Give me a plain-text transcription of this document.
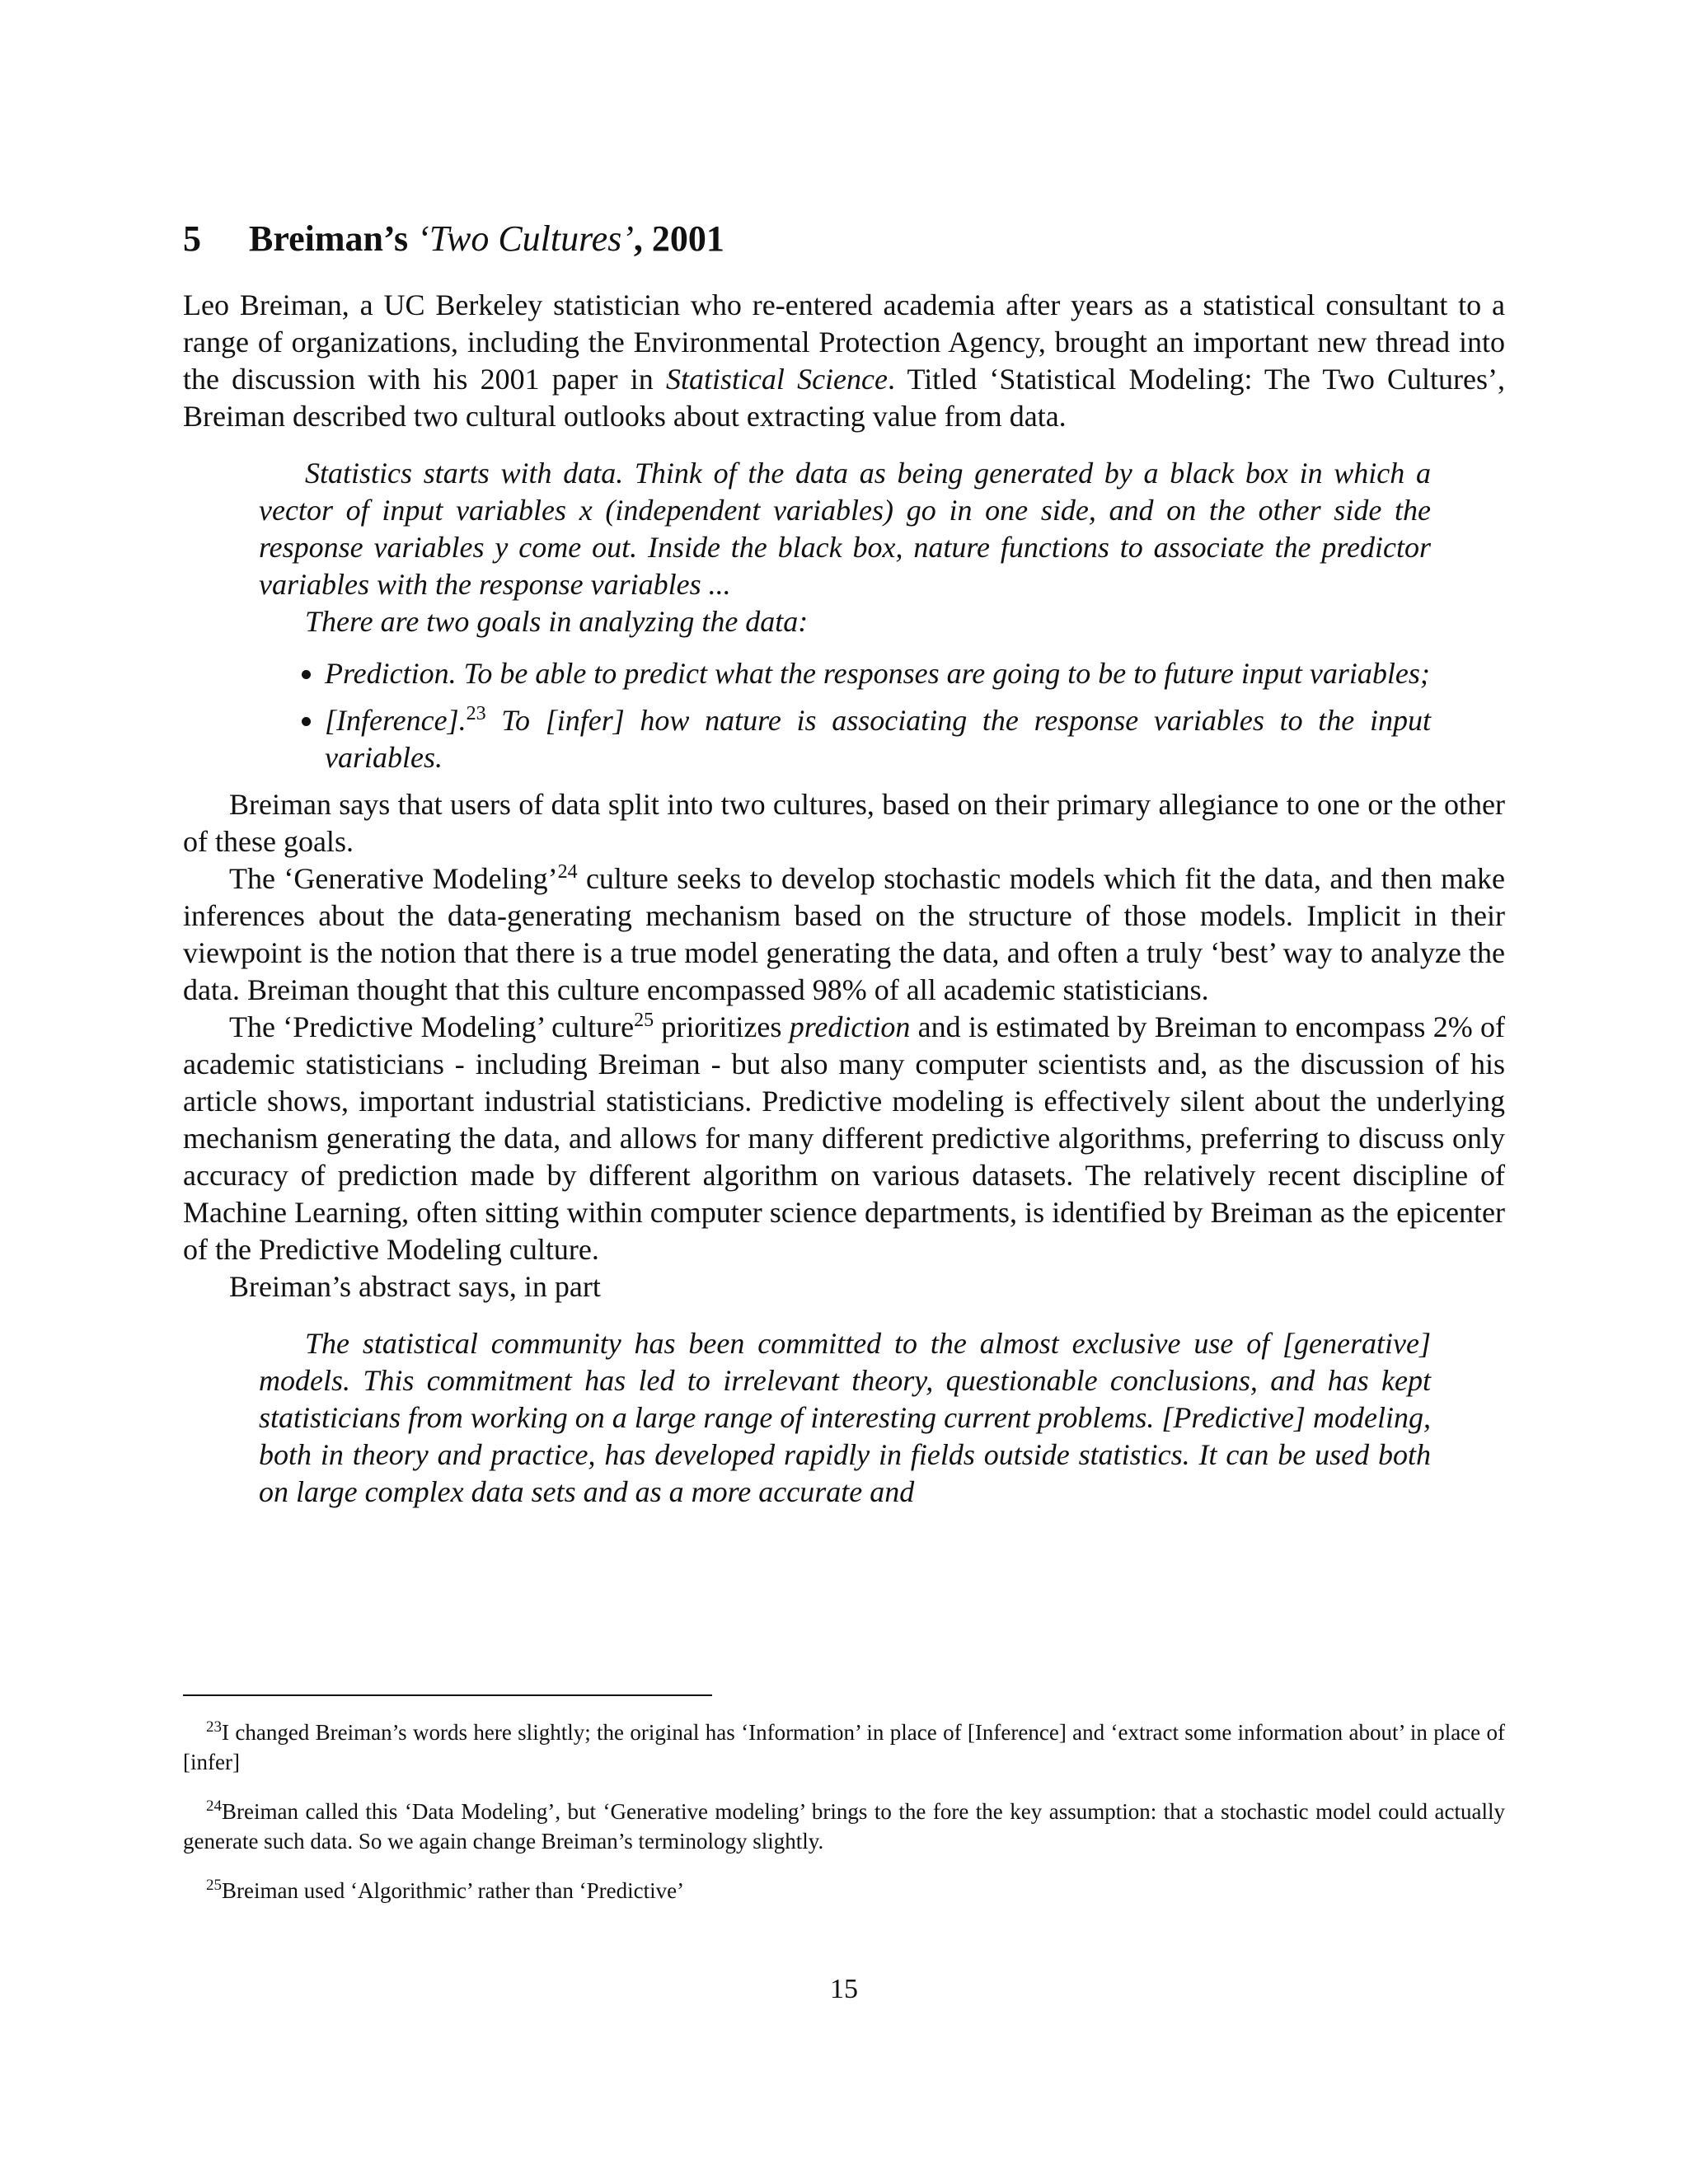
5 Breiman’s ‘Two Cultures’, 2001

Leo Breiman, a UC Berkeley statistician who re-entered academia after years as a statistical consultant to a range of organizations, including the Environmental Protection Agency, brought an important new thread into the discussion with his 2001 paper in Statistical Science. Titled ‘Statistical Modeling: The Two Cultures’, Breiman described two cultural outlooks about extracting value from data.

Statistics starts with data. Think of the data as being generated by a black box in which a vector of input variables x (independent variables) go in one side, and on the other side the response variables y come out. Inside the black box, nature functions to associate the predictor variables with the response variables ...

There are two goals in analyzing the data:

• Prediction. To be able to predict what the responses are going to be to future input variables;
• [Inference].$^{23}$ To [infer] how nature is associating the response variables to the input variables.

Breiman says that users of data split into two cultures, based on their primary allegiance to one or the other of these goals.

The ‘Generative Modeling’$^{24}$ culture seeks to develop stochastic models which fit the data, and then make inferences about the data-generating mechanism based on the structure of those models. Implicit in their viewpoint is the notion that there is a true model generating the data, and often a truly ‘best’ way to analyze the data. Breiman thought that this culture encompassed 98% of all academic statisticians.

The ‘Predictive Modeling’ culture$^{25}$ prioritizes prediction and is estimated by Breiman to encompass 2% of academic statisticians - including Breiman - but also many computer scientists and, as the discussion of his article shows, important industrial statisticians. Predictive modeling is effectively silent about the underlying mechanism generating the data, and allows for many different predictive algorithms, preferring to discuss only accuracy of prediction made by different algorithm on various datasets. The relatively recent discipline of Machine Learning, often sitting within computer science departments, is identified by Breiman as the epicenter of the Predictive Modeling culture.

Breiman’s abstract says, in part

The statistical community has been committed to the almost exclusive use of [generative] models. This commitment has led to irrelevant theory, questionable conclusions, and has kept statisticians from working on a large range of interesting current problems. [Predictive] modeling, both in theory and practice, has developed rapidly in fields outside statistics. It can be used both on large complex data sets and as a more accurate and

$^{23}$I changed Breiman’s words here slightly; the original has ‘Information’ in place of [Inference] and ‘extract some information about’ in place of [infer]

$^{24}$Breiman called this ‘Data Modeling’, but ‘Generative modeling’ brings to the fore the key assumption: that a stochastic model could actually generate such data. So we again change Breiman’s terminology slightly.

$^{25}$Breiman used ‘Algorithmic’ rather than ‘Predictive’

15
